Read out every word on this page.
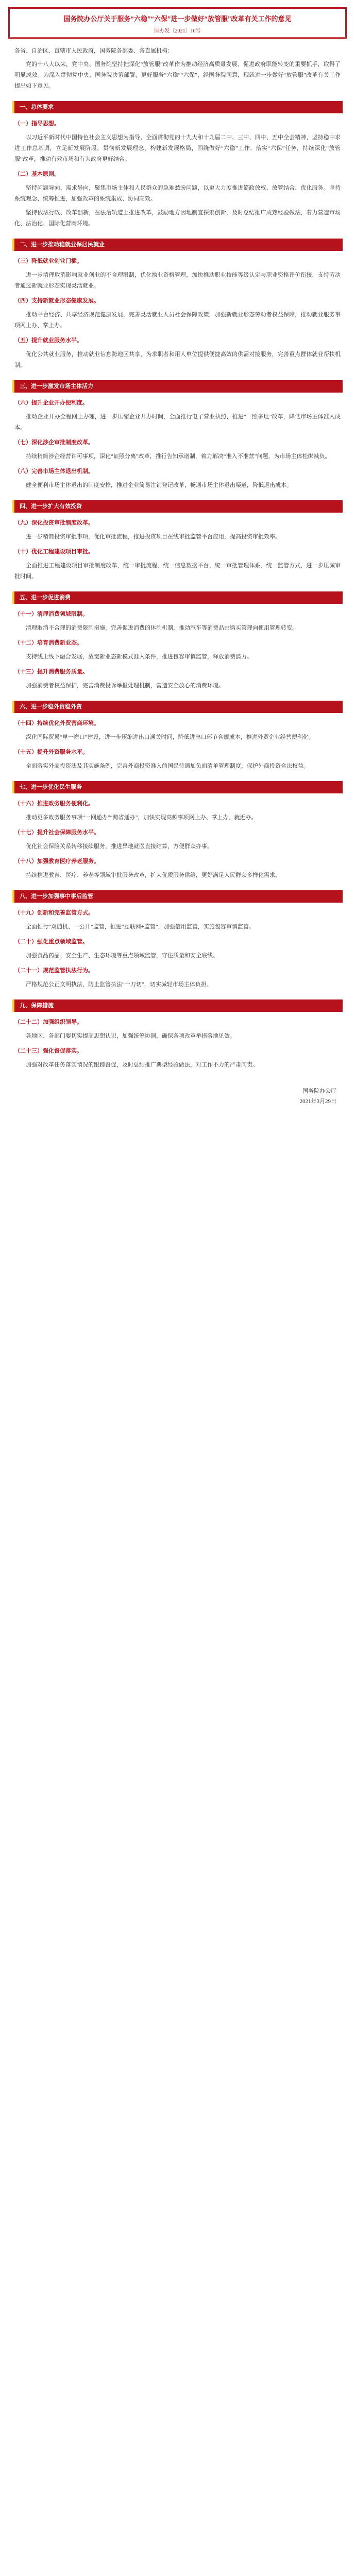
国务院办公厅关于服务“六稳”“六保”进一步做好“放管服”改革有关工作的意见
国办发〔2021〕10号
各省、自治区、直辖市人民政府，国务院各部委、各直属机构：

党的十八大以来，党中央、国务院坚持把深化“放管服”改革作为推动经济高质量发展、促进政府职能转变的重要抓手，取得了明显成效。为深入贯彻党中央、国务院决策部署，更好服务“六稳”“六保”，经国务院同意，现就进一步做好“放管服”改革有关工作提出如下意见。

一、总体要求
（一）指导思想。

以习近平新时代中国特色社会主义思想为指导，全面贯彻党的十九大和十九届二中、三中、四中、五中全会精神，坚持稳中求进工作总基调，立足新发展阶段、贯彻新发展理念、构建新发展格局，围绕做好“六稳”工作、落实“六保”任务，持续深化“放管服”改革，推动有效市场和有为政府更好结合。

（二）基本原则。

坚持问题导向、需求导向，聚焦市场主体和人民群众的急难愁盼问题，以更大力度推进简政放权、放管结合、优化服务。坚持系统观念、统筹推进，加强改革的系统集成、协同高效。

坚持依法行政、改革创新，在法治轨道上推进改革，鼓励地方因地制宜探索创新，及时总结推广成熟经验做法，着力营造市场化、法治化、国际化营商环境。

二、进一步推动稳就业保居民就业
（三）降低就业创业门槛。

进一步清理取消影响就业创业的不合理限制，优化执业资格管理，加快推动职业技能等级认定与职业资格评价衔接，支持劳动者通过新就业形态实现灵活就业。

（四）支持新就业形态健康发展。

推动平台经济、共享经济规范健康发展，完善灵活就业人员社会保障政策，加强新就业形态劳动者权益保障，推动就业服务事项网上办、掌上办。

（五）提升就业服务水平。

优化公共就业服务，推动就业信息跨地区共享，为求职者和用人单位提供便捷高效的供需对接服务，完善重点群体就业帮扶机制。

三、进一步激发市场主体活力
（六）提升企业开办便利度。

推动企业开办全程网上办理，进一步压缩企业开办时间，全面推行电子营业执照，推进“一照多址”改革，降低市场主体准入成本。

（七）深化涉企审批制度改革。

持续精简涉企经营许可事项，深化“证照分离”改革，推行告知承诺制，着力解决“准入不准营”问题，为市场主体松绑减负。

（八）完善市场主体退出机制。

健全便利市场主体退出的制度安排，推进企业简易注销登记改革，畅通市场主体退出渠道，降低退出成本。

四、进一步扩大有效投资
（九）深化投资审批制度改革。

进一步精简投资审批事项，优化审批流程，推进投资项目在线审批监管平台应用，提高投资审批效率。

（十）优化工程建设项目审批。

全面推进工程建设项目审批制度改革，统一审批流程、统一信息数据平台、统一审批管理体系、统一监管方式，进一步压减审批时间。

五、进一步促进消费
（十一）清理消费领域限制。

清理取消不合理的消费限制措施，完善促进消费的体制机制，推动汽车等消费品由购买管理向使用管理转变。

（十二）培育消费新业态。

支持线上线下融合发展，放宽新业态新模式准入条件，推进包容审慎监管，释放消费潜力。

（十三）提升消费服务质量。

加强消费者权益保护，完善消费投诉举报处理机制，营造安全放心的消费环境。

六、进一步稳外贸稳外资
（十四）持续优化外贸营商环境。

深化国际贸易“单一窗口”建设，进一步压缩进出口通关时间，降低进出口环节合规成本，推进外贸企业经营便利化。

（十五）提升外资服务水平。

全面落实外商投资法及其实施条例，完善外商投资准入前国民待遇加负面清单管理制度，保护外商投资合法权益。

七、进一步优化民生服务
（十六）推进政务服务便利化。

推动更多政务服务事项“一网通办”“跨省通办”，加快实现高频事项网上办、掌上办、就近办。

（十七）提升社会保障服务水平。

优化社会保险关系转移接续服务，推进异地就医直接结算，方便群众办事。

（十八）加强教育医疗养老服务。

持续推进教育、医疗、养老等领域审批服务改革，扩大优质服务供给，更好满足人民群众多样化需求。

八、进一步加强事中事后监管
（十九）创新和完善监管方式。

全面推行“双随机、一公开”监管，推进“互联网+监管”，加强信用监管，实施包容审慎监管。

（二十）强化重点领域监管。

加强食品药品、安全生产、生态环境等重点领域监管，守住质量和安全底线。

（二十一）规范监管执法行为。

严格规范公正文明执法，防止监管执法“一刀切”，切实减轻市场主体负担。

九、保障措施
（二十二）加强组织领导。

各地区、各部门要切实提高思想认识，加强统筹协调，确保各项改革举措落地见效。

（二十三）强化督促落实。

加强对改革任务落实情况的跟踪督促，及时总结推广典型经验做法，对工作不力的严肃问责。

国务院办公厅
2021年3月29日
